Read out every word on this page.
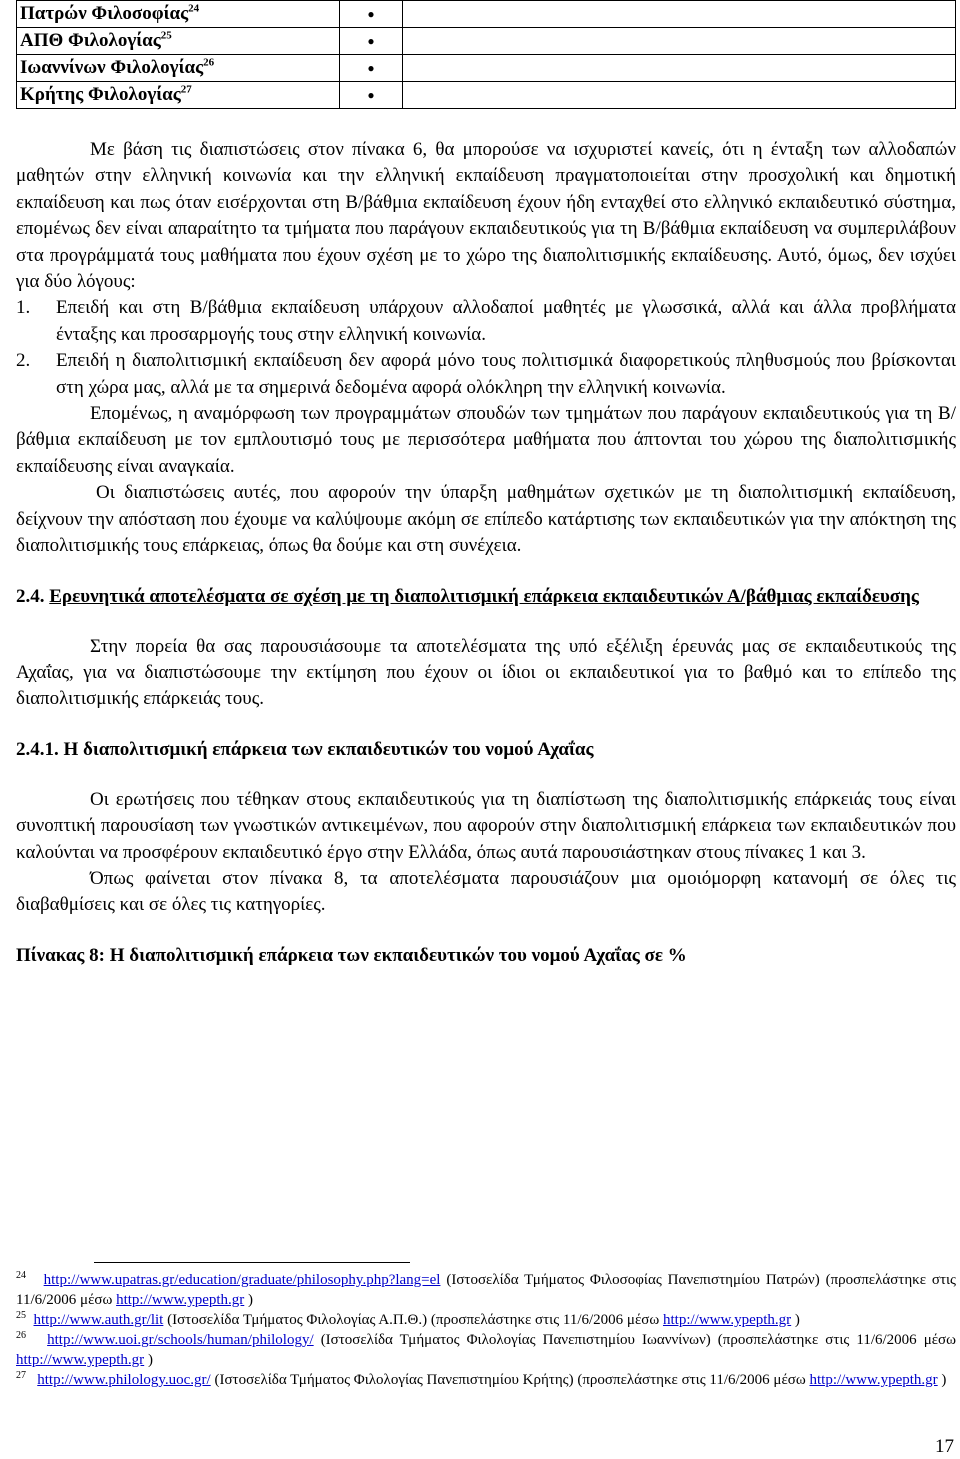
Πατρών Φιλοσοφίας$^{24}$	●	
ΑΠΘ Φιλολογίας$^{25}$	●	
Ιωαννίνων Φιλολογίας$^{26}$	●	
Κρήτης Φιλολογίας$^{27}$	●	

Με βάση τις διαπιστώσεις στον πίνακα 6, θα μπορούσε να ισχυριστεί κανείς, ότι η ένταξη των αλλοδαπών μαθητών στην ελληνική κοινωνία και την ελληνική εκπαίδευση πραγματοποιείται στην προσχολική και δημοτική εκπαίδευση και πως όταν εισέρχονται στη Β/βάθμια εκπαίδευση έχουν ήδη ενταχθεί στο ελληνικό εκπαιδευτικό σύστημα, επομένως δεν είναι απαραίτητο τα τμήματα που παράγουν εκπαιδευτικούς για τη Β/βάθμια εκπαίδευση να συμπεριλάβουν στα προγράμματά τους μαθήματα που έχουν σχέση με το χώρο της διαπολιτισμικής εκπαίδευσης. Αυτό, όμως, δεν ισχύει για δύο λόγους:

1. Επειδή και στη Β/βάθμια εκπαίδευση υπάρχουν αλλοδαποί μαθητές με γλωσσικά, αλλά και άλλα προβλήματα ένταξης και προσαρμογής τους στην ελληνική κοινωνία.
2. Επειδή η διαπολιτισμική εκπαίδευση δεν αφορά μόνο τους πολιτισμικά διαφορετικούς πληθυσμούς που βρίσκονται στη χώρα μας, αλλά με τα σημερινά δεδομένα αφορά ολόκληρη την ελληνική κοινωνία.

Επομένως, η αναμόρφωση των προγραμμάτων σπουδών των τμημάτων που παράγουν εκπαιδευτικούς για τη Β/βάθμια εκπαίδευση με τον εμπλουτισμό τους με περισσότερα μαθήματα που άπτονται του χώρου της διαπολιτισμικής εκπαίδευσης είναι αναγκαία.

Οι διαπιστώσεις αυτές, που αφορούν την ύπαρξη μαθημάτων σχετικών με τη διαπολιτισμική εκπαίδευση, δείχνουν την απόσταση που έχουμε να καλύψουμε ακόμη σε επίπεδο κατάρτισης των εκπαιδευτικών για την απόκτηση της διαπολιτισμικής τους επάρκειας, όπως θα δούμε και στη συνέχεια.

2.4. Ερευνητικά αποτελέσματα σε σχέση με τη διαπολιτισμική επάρκεια εκπαιδευτικών Α/βάθμιας εκπαίδευσης

Στην πορεία θα σας παρουσιάσουμε τα αποτελέσματα της υπό εξέλιξη έρευνάς μας σε εκπαιδευτικούς της Αχαΐας, για να διαπιστώσουμε την εκτίμηση που έχουν οι ίδιοι οι εκπαιδευτικοί για το βαθμό και το επίπεδο της διαπολιτισμικής επάρκειάς τους.

2.4.1. Η διαπολιτισμική επάρκεια των εκπαιδευτικών του νομού Αχαΐας

Οι ερωτήσεις που τέθηκαν στους εκπαιδευτικούς για τη διαπίστωση της διαπολιτισμικής επάρκειάς τους είναι συνοπτική παρουσίαση των γνωστικών αντικειμένων, που αφορούν στην διαπολιτισμική επάρκεια των εκπαιδευτικών που καλούνται να προσφέρουν εκπαιδευτικό έργο στην Ελλάδα, όπως αυτά παρουσιάστηκαν στους πίνακες 1 και 3.

Όπως φαίνεται στον πίνακα 8, τα αποτελέσματα παρουσιάζουν μια ομοιόμορφη κατανομή σε όλες τις διαβαθμίσεις και σε όλες τις κατηγορίες.

Πίνακας 8: Η διαπολιτισμική επάρκεια των εκπαιδευτικών του νομού Αχαΐας σε %

$^{24}$ http://www.upatras.gr/education/graduate/philosophy.php?lang=el (Ιστοσελίδα Τμήματος Φιλοσοφίας Πανεπιστημίου Πατρών) (προσπελάστηκε στις 11/6/2006 μέσω http://www.ypepth.gr )

$^{25}$ http://www.auth.gr/lit (Ιστοσελίδα Τμήματος Φιλολογίας Α.Π.Θ.) (προσπελάστηκε στις 11/6/2006 μέσω http://www.ypepth.gr )

$^{26}$ http://www.uoi.gr/schools/human/philology/ (Ιστοσελίδα Τμήματος Φιλολογίας Πανεπιστημίου Ιωαννίνων) (προσπελάστηκε στις 11/6/2006 μέσω http://www.ypepth.gr )

$^{27}$ http://www.philology.uoc.gr/ (Ιστοσελίδα Τμήματος Φιλολογίας Πανεπιστημίου Κρήτης) (προσπελάστηκε στις 11/6/2006 μέσω http://www.ypepth.gr )

17
